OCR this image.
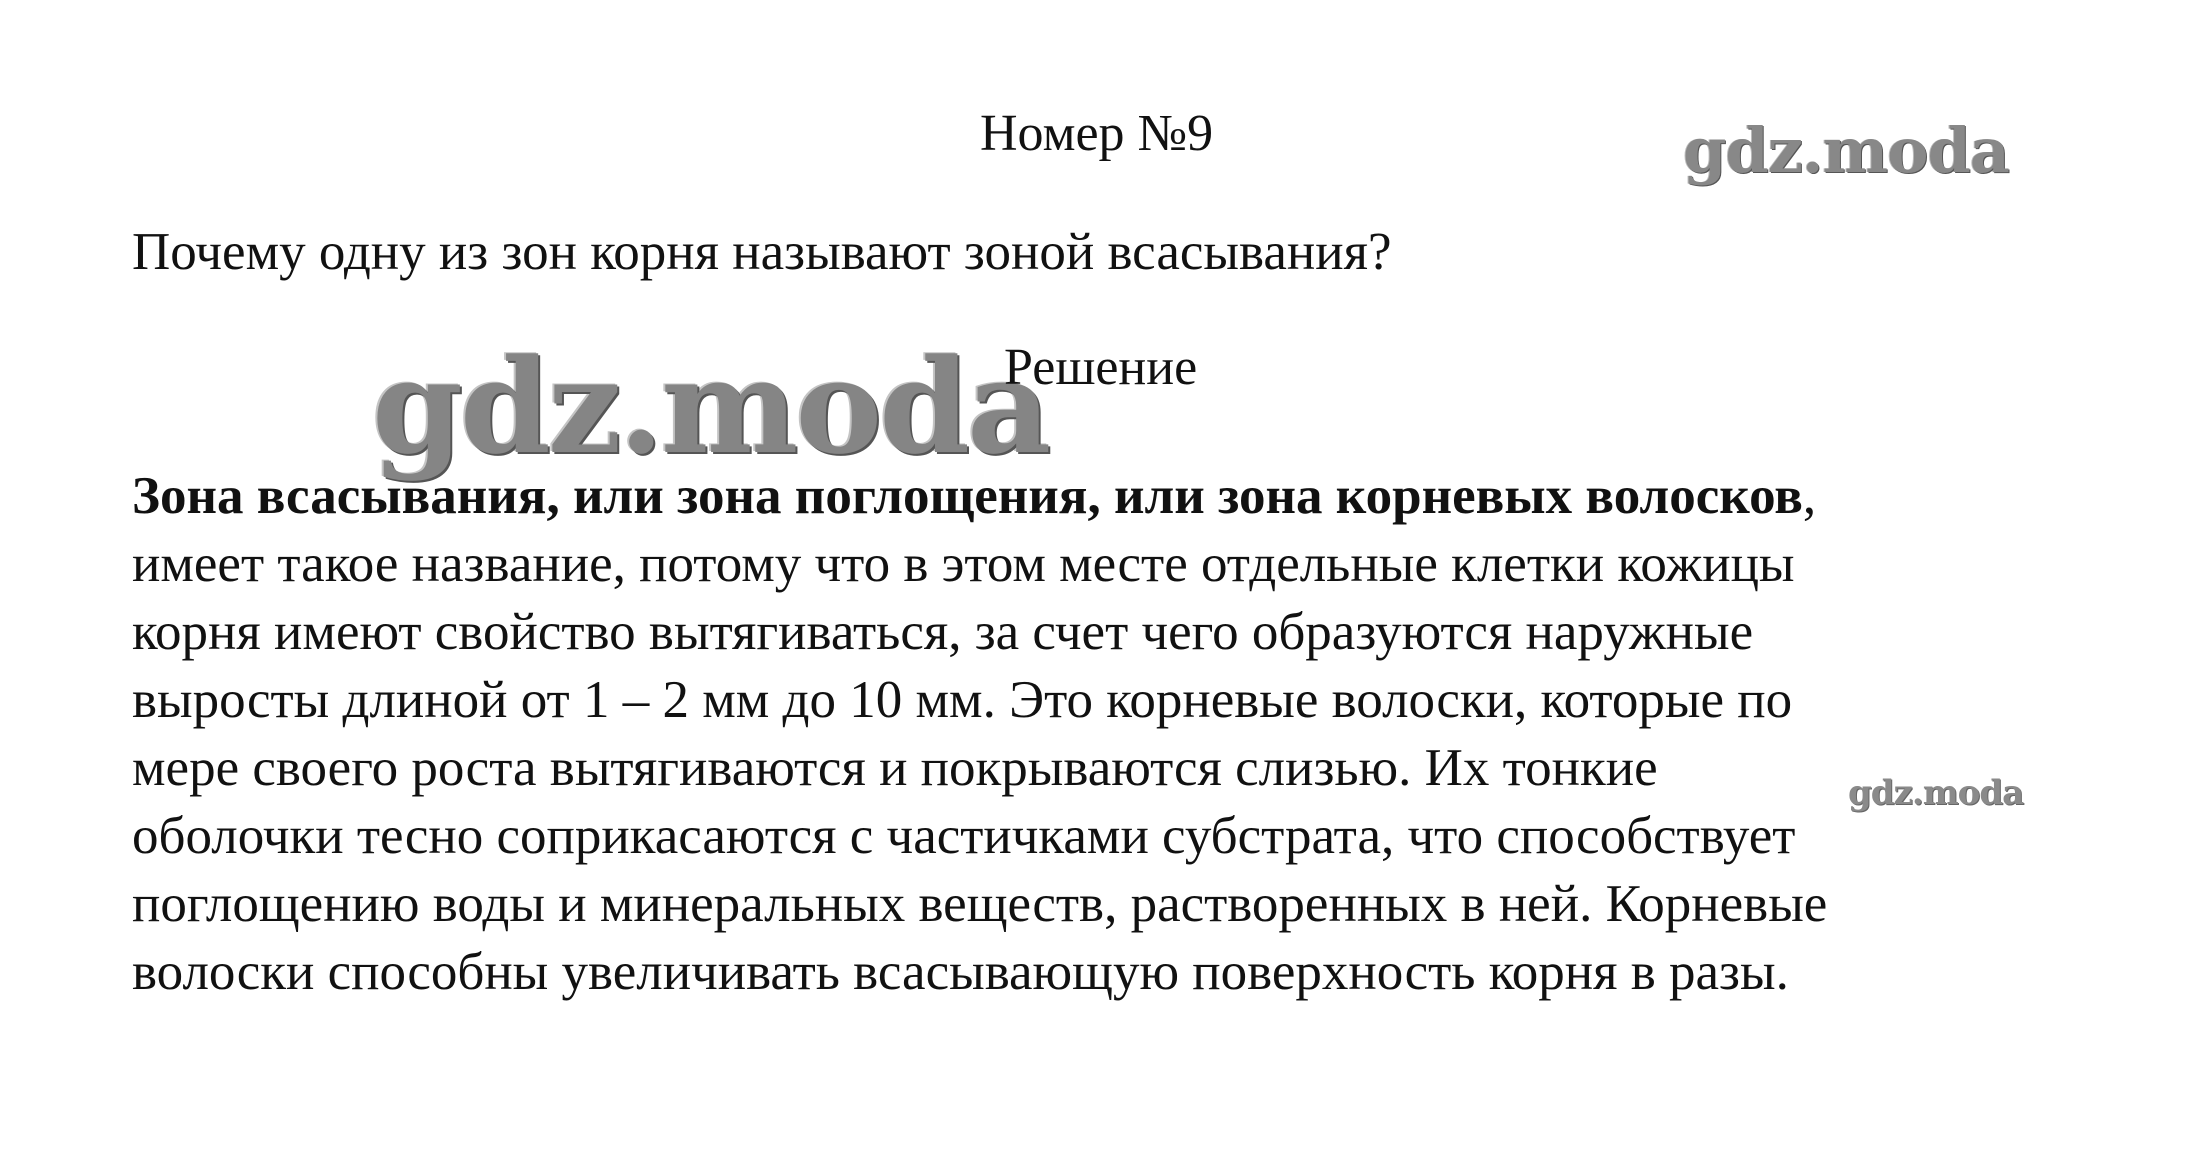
Номер №9	gdz.moda
Почему одну из зон корня называют зоной всасывания?
gdz.moda
Решение
Зона всасывания, или зона поглощения, или зона корневых волосков,
имеет такое название, потому что в этом месте отдельные клетки кожицы
корня имеют свойство вытягиваться, за счет чего образуются наружные
выросты длиной от 1 – 2 мм до 10 мм. Это корневые волоски, которые по
мере своего роста вытягиваются и покрываются слизью. Их тонкие
оболочки тесно соприкасаются с частичками субстрата, что способствует
поглощению воды и минеральных веществ, растворенных в ней. Корневые
волоски способны увеличивать всасывающую поверхность корня в разы.
gdz.moda
